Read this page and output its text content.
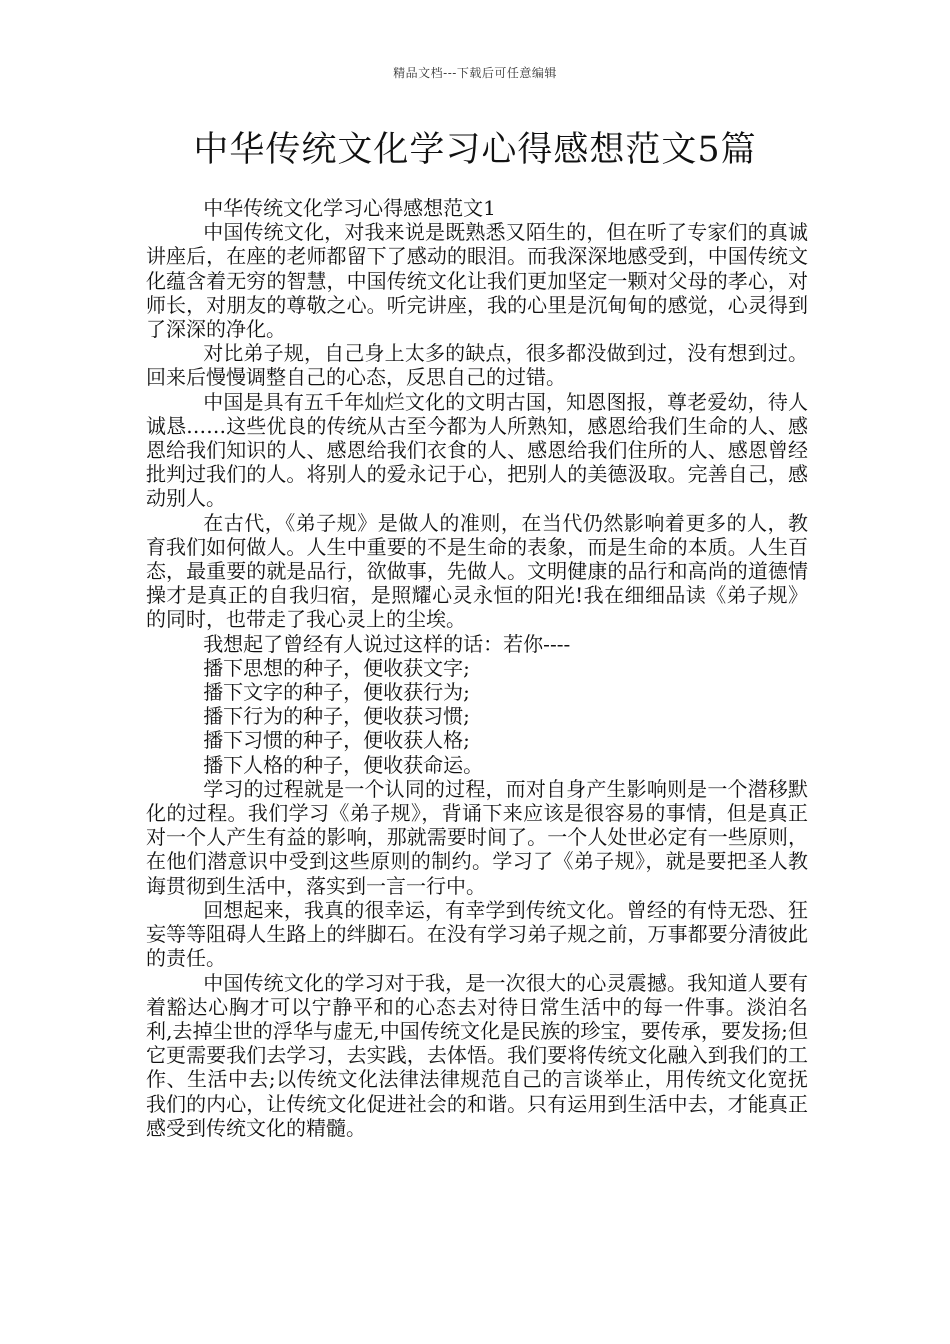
精品文档---下载后可任意编辑
中华传统文化学习心得感想范文5篇

中华传统文化学习心得感想范文1

中国传统文化，对我来说是既熟悉又陌生的，但在听了专家们的真诚讲座后，在座的老师都留下了感动的眼泪。而我深深地感受到，中国传统文化蕴含着无穷的智慧，中国传统文化让我们更加坚定一颗对父母的孝心，对师长，对朋友的尊敬之心。听完讲座，我的心里是沉甸甸的感觉，心灵得到了深深的净化。

对比弟子规，自己身上太多的缺点，很多都没做到过，没有想到过。回来后慢慢调整自己的心态，反思自己的过错。

中国是具有五千年灿烂文化的文明古国，知恩图报，尊老爱幼，待人诚恳……这些优良的传统从古至今都为人所熟知，感恩给我们生命的人、感恩给我们知识的人、感恩给我们衣食的人、感恩给我们住所的人、感恩曾经批判过我们的人。将别人的爱永记于心，把别人的美德汲取。完善自己，感动别人。

在古代，《弟子规》是做人的准则，在当代仍然影响着更多的人，教育我们如何做人。人生中重要的不是生命的表象，而是生命的本质。人生百态，最重要的就是品行，欲做事，先做人。文明健康的品行和高尚的道德情操才是真正的自我归宿，是照耀心灵永恒的阳光!我在细细品读《弟子规》的同时，也带走了我心灵上的尘埃。

我想起了曾经有人说过这样的话：若你----

播下思想的种子，便收获文字;

播下文字的种子，便收获行为;

播下行为的种子，便收获习惯;

播下习惯的种子，便收获人格;

播下人格的种子，便收获命运。

学习的过程就是一个认同的过程，而对自身产生影响则是一个潜移默化的过程。我们学习《弟子规》，背诵下来应该是很容易的事情，但是真正对一个人产生有益的影响，那就需要时间了。一个人处世必定有一些原则，在他们潜意识中受到这些原则的制约。学习了《弟子规》，就是要把圣人教诲贯彻到生活中，落实到一言一行中。

回想起来，我真的很幸运，有幸学到传统文化。曾经的有恃无恐、狂妄等等阻碍人生路上的绊脚石。在没有学习弟子规之前，万事都要分清彼此的责任。

中国传统文化的学习对于我，是一次很大的心灵震撼。我知道人要有着豁达心胸才可以宁静平和的心态去对待日常生活中的每一件事。淡泊名利,去掉尘世的浮华与虚无,中国传统文化是民族的珍宝，要传承，要发扬;但它更需要我们去学习，去实践，去体悟。我们要将传统文化融入到我们的工作、生活中去;以传统文化法律法律规范自己的言谈举止，用传统文化宽抚我们的内心，让传统文化促进社会的和谐。只有运用到生活中去，才能真正感受到传统文化的精髓。
